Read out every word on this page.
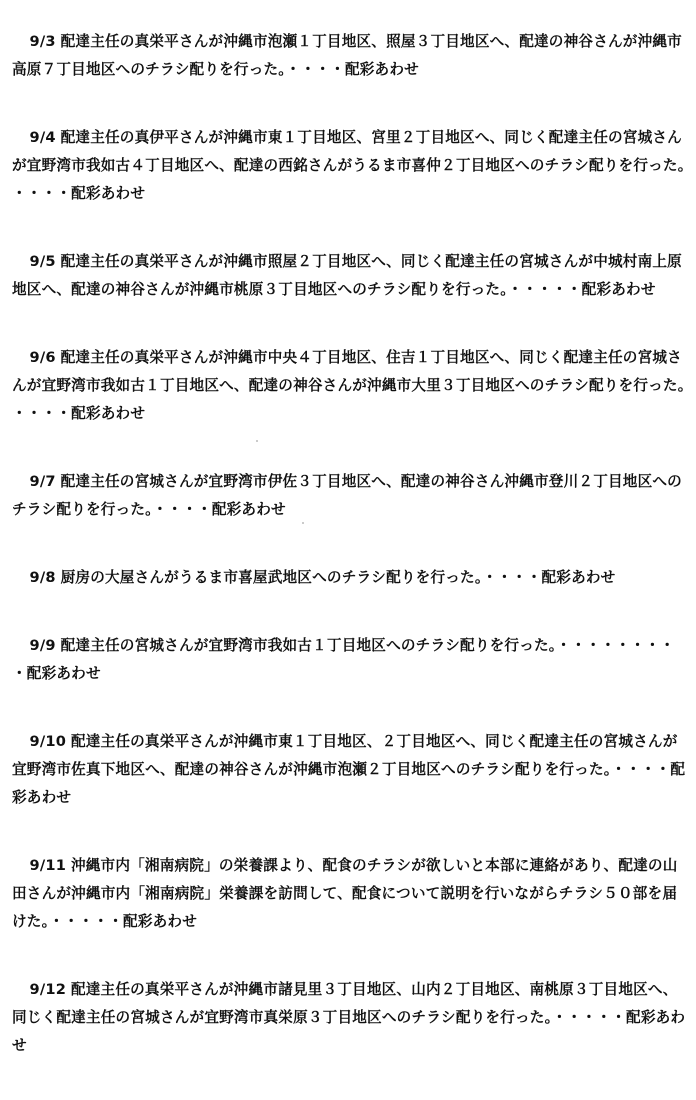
9/3 配達主任の真栄平さんが沖縄市泡瀬１丁目地区、照屋３丁目地区へ、配達の神谷さんが沖縄市高原７丁目地区へのチラシ配りを行った。・・・・配彩あわせ

9/4 配達主任の真伊平さんが沖縄市東１丁目地区、宮里２丁目地区へ、同じく配達主任の宮城さんが宜野湾市我如古４丁目地区へ、配達の西銘さんがうるま市喜仲２丁目地区へのチラシ配りを行った。・・・・配彩あわせ

9/5 配達主任の真栄平さんが沖縄市照屋２丁目地区へ、同じく配達主任の宮城さんが中城村南上原地区へ、配達の神谷さんが沖縄市桃原３丁目地区へのチラシ配りを行った。・・・・・配彩あわせ

9/6 配達主任の真栄平さんが沖縄市中央４丁目地区、住吉１丁目地区へ、同じく配達主任の宮城さんが宜野湾市我如古１丁目地区へ、配達の神谷さんが沖縄市大里３丁目地区へのチラシ配りを行った。・・・・配彩あわせ

9/7 配達主任の宮城さんが宜野湾市伊佐３丁目地区へ、配達の神谷さん沖縄市登川２丁目地区へのチラシ配りを行った。・・・・配彩あわせ

9/8 厨房の大屋さんがうるま市喜屋武地区へのチラシ配りを行った。・・・・配彩あわせ

9/9 配達主任の宮城さんが宜野湾市我如古１丁目地区へのチラシ配りを行った。・・・・・・・・・配彩あわせ

9/10 配達主任の真栄平さんが沖縄市東１丁目地区、２丁目地区へ、同じく配達主任の宮城さんが宜野湾市佐真下地区へ、配達の神谷さんが沖縄市泡瀬２丁目地区へのチラシ配りを行った。・・・・配彩あわせ

9/11 沖縄市内「湘南病院」の栄養課より、配食のチラシが欲しいと本部に連絡があり、配達の山田さんが沖縄市内「湘南病院」栄養課を訪問して、配食について説明を行いながらチラシ５０部を届けた。・・・・・配彩あわせ

9/12 配達主任の真栄平さんが沖縄市諸見里３丁目地区、山内２丁目地区、南桃原３丁目地区へ、同じく配達主任の宮城さんが宜野湾市真栄原３丁目地区へのチラシ配りを行った。・・・・・配彩あわせ
